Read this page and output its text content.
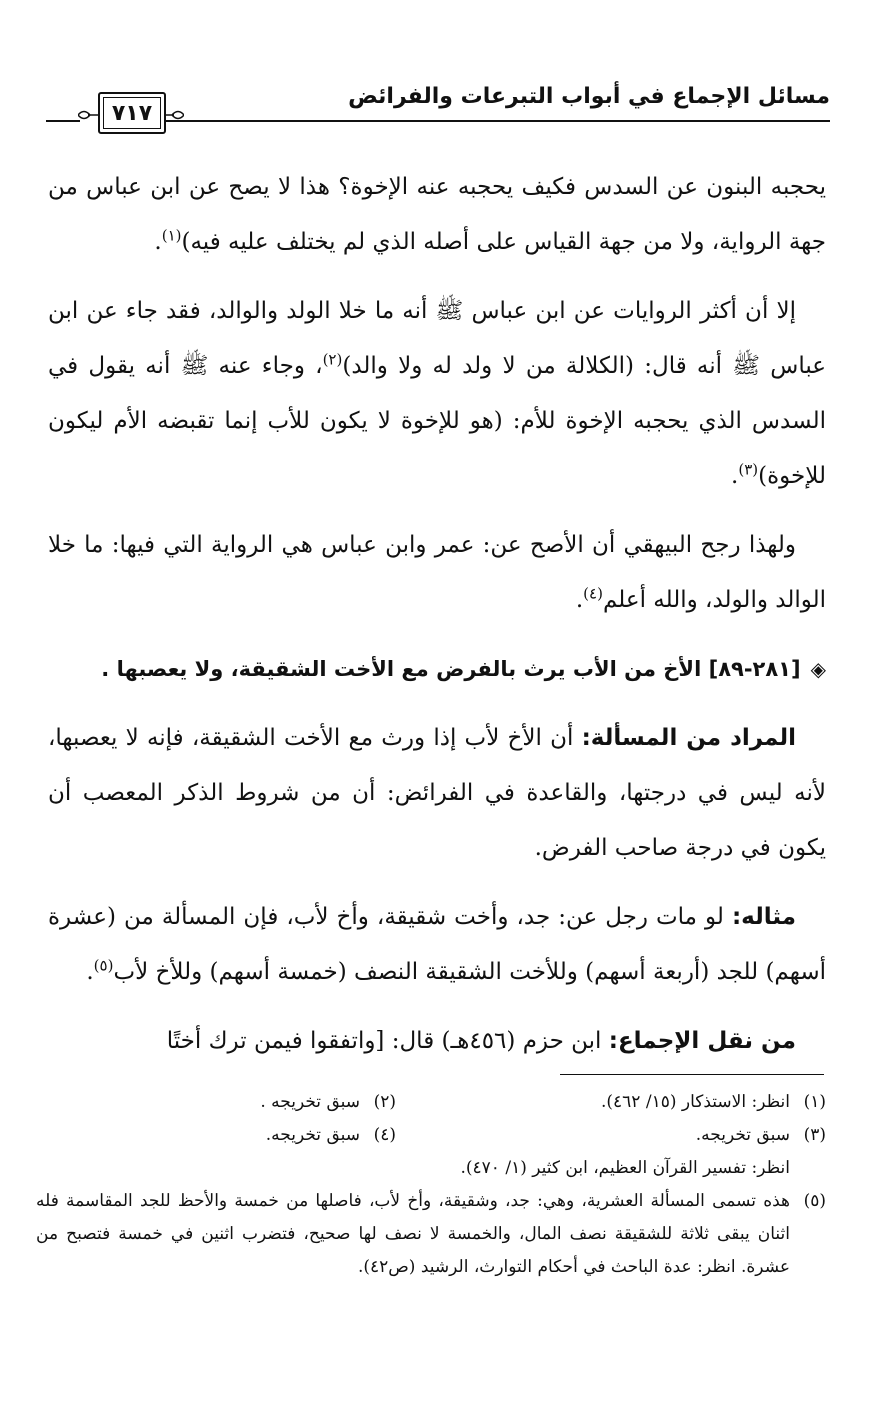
مسائل الإجماع في أبواب التبرعات والفرائض
٧١٧

يحجبه البنون عن السدس فكيف يحجبه عنه الإخوة؟ هذا لا يصح عن ابن عباس من جهة الرواية، ولا من جهة القياس على أصله الذي لم يختلف عليه فيه)$^{(١)}$.

إلا أن أكثر الروايات عن ابن عباس ﷺ أنه ما خلا الولد والوالد، فقد جاء عن ابن عباس ﷺ أنه قال: (الكلالة من لا ولد له ولا والد)$^{(٢)}$، وجاء عنه ﷺ أنه يقول في السدس الذي يحجبه الإخوة للأم: (هو للإخوة لا يكون للأب إنما تقبضه الأم ليكون للإخوة)$^{(٣)}$.

ولهذا رجح البيهقي أن الأصح عن: عمر وابن عباس هي الرواية التي فيها: ما خلا الوالد والولد، والله أعلم$^{(٤)}$.

◈[٢٨١-٨٩] الأخ من الأب يرث بالفرض مع الأخت الشقيقة، ولا يعصبها .

المراد من المسألة: أن الأخ لأب إذا ورث مع الأخت الشقيقة، فإنه لا يعصبها، لأنه ليس في درجتها، والقاعدة في الفرائض: أن من شروط الذكر المعصب أن يكون في درجة صاحب الفرض.

مثاله: لو مات رجل عن: جد، وأخت شقيقة، وأخ لأب، فإن المسألة من (عشرة أسهم) للجد (أربعة أسهم) وللأخت الشقيقة النصف (خمسة أسهم) وللأخ لأب$^{(٥)}$.

من نقل الإجماع: ابن حزم (٤٥٦هـ) قال: [واتفقوا فيمن ترك أختًا

(١)
انظر: الاستذكار (١٥/ ٤٦٢).
(٢)
سبق تخريجه .
(٣)
سبق تخريجه.
(٤)
سبق تخريجه.
انظر: تفسير القرآن العظيم، ابن كثير (١/ ٤٧٠).
(٥)
هذه تسمى المسألة العشرية، وهي: جد، وشقيقة، وأخ لأب، فاصلها من خمسة والأحظ للجد المقاسمة فله اثنان يبقى ثلاثة للشقيقة نصف المال، والخمسة لا نصف لها صحيح، فتضرب اثنين في خمسة فتصبح من عشرة. انظر: عدة الباحث في أحكام التوارث، الرشيد (ص٤٢).
